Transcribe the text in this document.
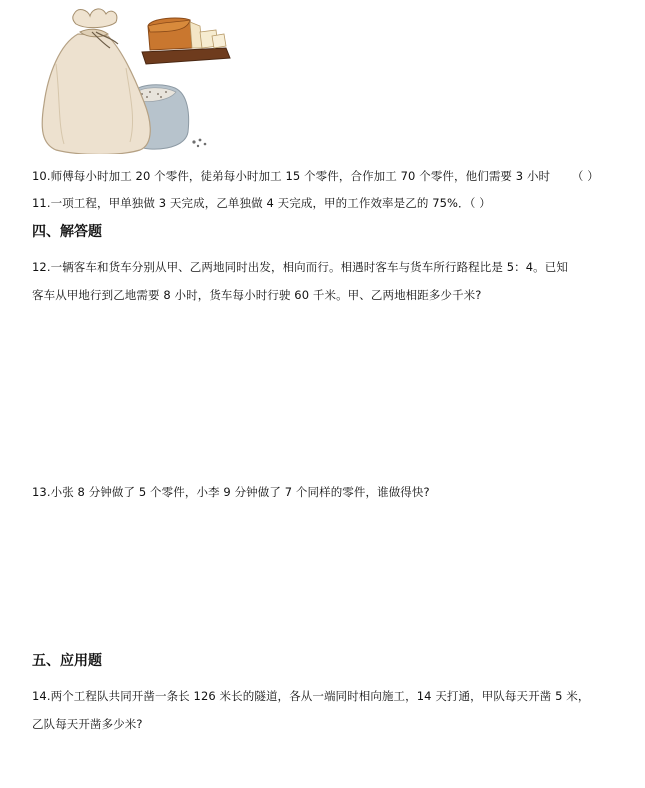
10.师傅每小时加工 20 个零件，徒弟每小时加工 15 个零件，合作加工 70 个零件，他们需要 3 小时 （ ）
11.一项工程，甲单独做 3 天完成，乙单独做 4 天完成，甲的工作效率是乙的 75%．（ ）
四、解答题
12.一辆客车和货车分别从甲、乙两地同时出发，相向而行。相遇时客车与货车所行路程比是 5：4。已知
客车从甲地行到乙地需要 8 小时，货车每小时行驶 60 千米。甲、乙两地相距多少千米?
13.小张 8 分钟做了 5 个零件，小李 9 分钟做了 7 个同样的零件，谁做得快?
五、应用题
14.两个工程队共同开凿一条长 126 米长的隧道，各从一端同时相向施工，14 天打通，甲队每天开凿 5 米，
乙队每天开凿多少米?
